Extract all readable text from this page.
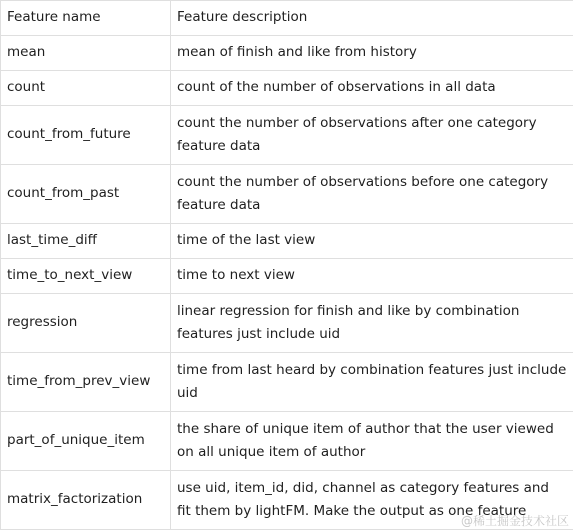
Feature name	Feature description
mean	mean of finish and like from history
count	count of the number of observations in all data
count_from_future	count the number of observations after one category feature data
count_from_past	count the number of observations before one category feature data
last_time_diff	time of the last view
time_to_next_view	time to next view
regression	linear regression for finish and like by combination features just include uid
time_from_prev_view	time from last heard by combination features just include uid
part_of_unique_item	the share of unique item of author that the user viewed on all unique item of author
matrix_factorization	use uid, item_id, did, channel as category features and fit them by lightFM. Make the output as one feature
@稀土掘金技术社区
